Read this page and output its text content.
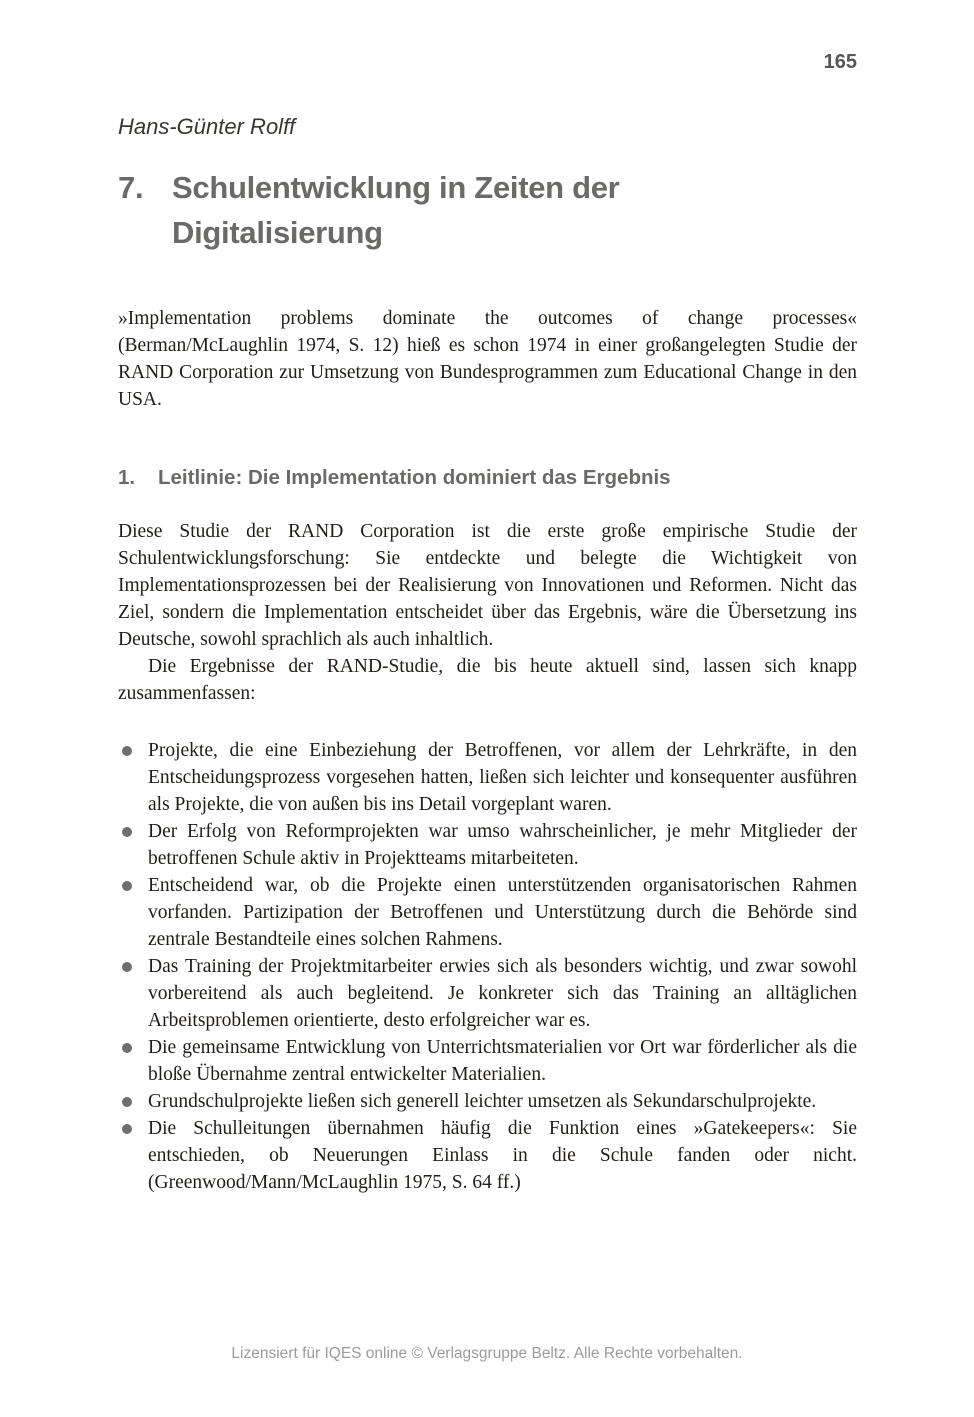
165
Hans-Günter Rolff
7. Schulentwicklung in Zeiten der Digitalisierung

»Implementation problems dominate the outcomes of change processes« (Berman/McLaughlin 1974, S. 12) hieß es schon 1974 in einer großangelegten Studie der RAND Corporation zur Umsetzung von Bundesprogrammen zum Educational Change in den USA.

1.	Leitlinie: Die Implementation dominiert das Ergebnis

Diese Studie der RAND Corporation ist die erste große empirische Studie der Schulentwicklungsforschung: Sie entdeckte und belegte die Wichtigkeit von Implementationsprozessen bei der Realisierung von Innovationen und Reformen. Nicht das Ziel, sondern die Implementation entscheidet über das Ergebnis, wäre die Übersetzung ins Deutsche, sowohl sprachlich als auch inhaltlich.

Die Ergebnisse der RAND-Studie, die bis heute aktuell sind, lassen sich knapp zusammenfassen:

Projekte, die eine Einbeziehung der Betroffenen, vor allem der Lehrkräfte, in den Entscheidungsprozess vorgesehen hatten, ließen sich leichter und konsequenter ausführen als Projekte, die von außen bis ins Detail vorgeplant waren.
Der Erfolg von Reformprojekten war umso wahrscheinlicher, je mehr Mitglieder der betroffenen Schule aktiv in Projektteams mitarbeiteten.
Entscheidend war, ob die Projekte einen unterstützenden organisatorischen Rahmen vorfanden. Partizipation der Betroffenen und Unterstützung durch die Behörde sind zentrale Bestandteile eines solchen Rahmens.
Das Training der Projektmitarbeiter erwies sich als besonders wichtig, und zwar sowohl vorbereitend als auch begleitend. Je konkreter sich das Training an alltäglichen Arbeitsproblemen orientierte, desto erfolgreicher war es.
Die gemeinsame Entwicklung von Unterrichtsmaterialien vor Ort war förderlicher als die bloße Übernahme zentral entwickelter Materialien.
Grundschulprojekte ließen sich generell leichter umsetzen als Sekundarschulprojekte.
Die Schulleitungen übernahmen häufig die Funktion eines »Gatekeepers«: Sie entschieden, ob Neuerungen Einlass in die Schule fanden oder nicht. (Greenwood/Mann/McLaughlin 1975, S. 64 ff.)
Lizensiert für IQES online © Verlagsgruppe Beltz. Alle Rechte vorbehalten.
